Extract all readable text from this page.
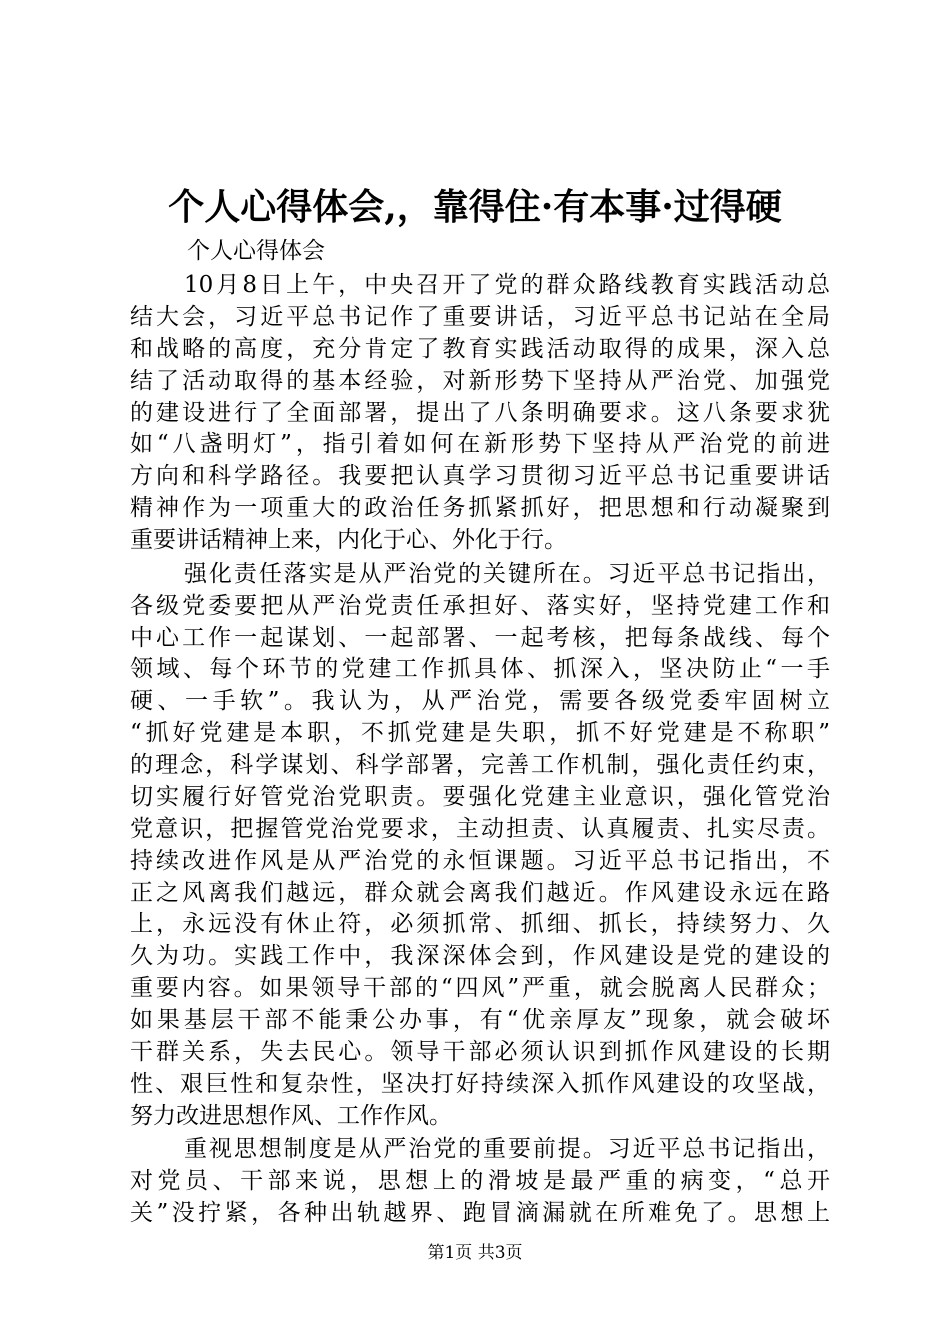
个人心得体会,，靠得住·有本事·过得硬
个人心得体会
10月8日上午，中央召开了党的群众路线教育实践活动总
结大会，习近平总书记作了重要讲话，习近平总书记站在全局
和战略的高度，充分肯定了教育实践活动取得的成果，深入总
结了活动取得的基本经验，对新形势下坚持从严治党、加强党
的建设进行了全面部署，提出了八条明确要求。这八条要求犹
如“八盏明灯”，指引着如何在新形势下坚持从严治党的前进
方向和科学路径。我要把认真学习贯彻习近平总书记重要讲话
精神作为一项重大的政治任务抓紧抓好，把思想和行动凝聚到
重要讲话精神上来，内化于心、外化于行。
强化责任落实是从严治党的关键所在。习近平总书记指出，
各级党委要把从严治党责任承担好、落实好，坚持党建工作和
中心工作一起谋划、一起部署、一起考核，把每条战线、每个
领域、每个环节的党建工作抓具体、抓深入，坚决防止“一手
硬、一手软”。我认为，从严治党，需要各级党委牢固树立
“抓好党建是本职，不抓党建是失职，抓不好党建是不称职”
的理念，科学谋划、科学部署，完善工作机制，强化责任约束，
切实履行好管党治党职责。要强化党建主业意识，强化管党治
党意识，把握管党治党要求，主动担责、认真履责、扎实尽责。
持续改进作风是从严治党的永恒课题。习近平总书记指出，不
正之风离我们越远，群众就会离我们越近。作风建设永远在路
上，永远没有休止符，必须抓常、抓细、抓长，持续努力、久
久为功。实践工作中，我深深体会到，作风建设是党的建设的
重要内容。如果领导干部的“四风”严重，就会脱离人民群众；
如果基层干部不能秉公办事，有“优亲厚友”现象，就会破坏
干群关系，失去民心。领导干部必须认识到抓作风建设的长期
性、艰巨性和复杂性，坚决打好持续深入抓作风建设的攻坚战，
努力改进思想作风、工作作风。
重视思想制度是从严治党的重要前提。习近平总书记指出，
对党员、干部来说，思想上的滑坡是最严重的病变，“总开
关”没拧紧，各种出轨越界、跑冒滴漏就在所难免了。思想上
第1页 共3页
